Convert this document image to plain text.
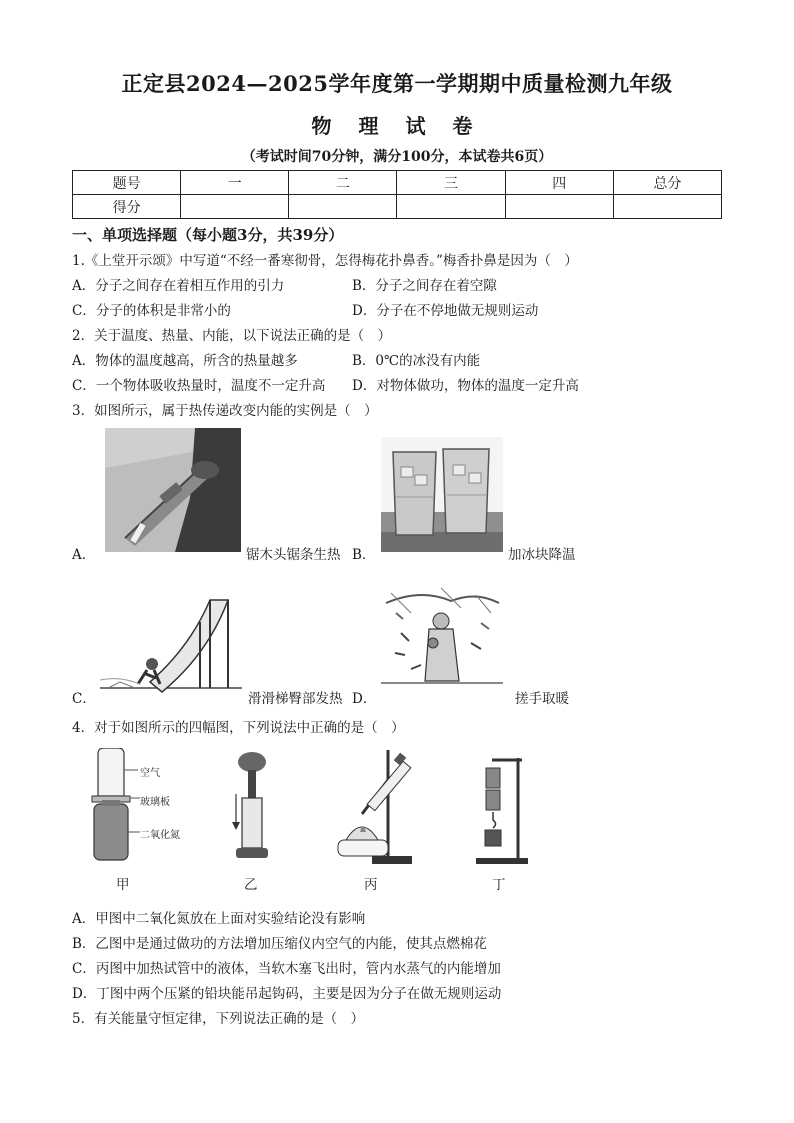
正定县2024—2025学年度第一学期期中质量检测九年级
物 理 试 卷
（考试时间70分钟，满分100分，本试卷共6页）
题号	一	二	三	四	总分
得分					
一、单项选择题（每小题3分，共39分）
1.《上堂开示颂》中写道“不经一番寒彻骨，怎得梅花扑鼻香。”梅香扑鼻是因为（　）
A．分子之间存在着相互作用的引力	B．分子之间存在着空隙
C．分子的体积是非常小的	D．分子在不停地做无规则运动
2．关于温度、热量、内能，以下说法正确的是（　）
A．物体的温度越高，所含的热量越多	B．0℃的冰没有内能
C．一个物体吸收热量时，温度不一定升高 D．对物体做功，物体的温度一定升高
3．如图所示，属于热传递改变内能的实例是（　）
A．	锯木头锯条生热 B．	加冰块降温
C．	滑滑梯臀部发热 D．	搓手取暖
4．对于如图所示的四幅图，下列说法中正确的是（　）
空气
玻璃板
二氧化氮
甲	乙	丙	丁
A．甲图中二氧化氮放在上面对实验结论没有影响
B．乙图中是通过做功的方法增加压缩仪内空气的内能，使其点燃棉花
C．丙图中加热试管中的液体，当软木塞飞出时，管内水蒸气的内能增加
D．丁图中两个压紧的铅块能吊起钩码，主要是因为分子在做无规则运动
5．有关能量守恒定律，下列说法正确的是（　）
